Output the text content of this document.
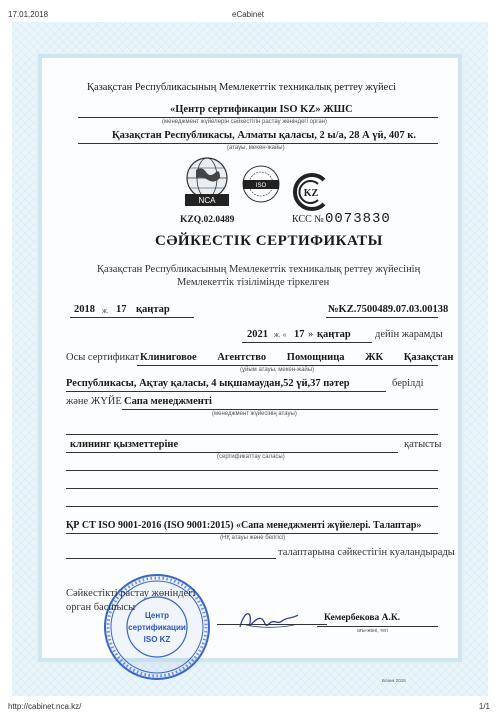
17.01.2018	eCabinet
Қазақстан Республикасының Мемлекеттік техникалық реттеу жүйесі
«Центр сертификации ISO KZ» ЖШС
(менеджмент жүйелерін сәйкестігін растау жөніндегі орган)
Қазақстан Республикасы, Алматы қаласы, 2 ы/а, 28 А үй, 407 к.
(атауы, мекен-жайы)
NCA
ISO
KZ
KZQ.02.0489	КСС № 0073830
СӘЙКЕСТІК СЕРТИФИКАТЫ
Қазақстан Республикасының Мемлекеттік техникалық реттеу жүйесінің
Мемлекеттік тізілімінде тіркелген
2018 ж. 17 қаңтар	№KZ.7500489.07.03.00138
2021 ж. « 17 » қаңтар дейін жарамды
Осы сертификат Клиниговое Агентство Помощница ЖК Қазақстан
(ұйым атауы, мекен-жайы)
Республикасы, Ақтау қаласы, 4 ықшамаудан,52 үй,37 пәтер	берілді
және ЖҮЙЕ Сапа менеджменті
(менеджмент жүйесінің атауы)
клининг қызметтеріне
(сертификаттау саласы)
қатысты
ҚР СТ ISO 9001-2016 (ISO 9001:2015) «Сапа менеджменті жүйелері. Талаптар»
(НҚ атауы және белгісі)
талаптарына сәйкестігін куәландырады
Центр
сертификации
ISO KZ
Сәйкестікті растау жөніндегі
орган басшысы
Кемербекова А.К.
аты-жөні, тегі
Бланк 2016
http://cabinet.nca.kz/	1/1
